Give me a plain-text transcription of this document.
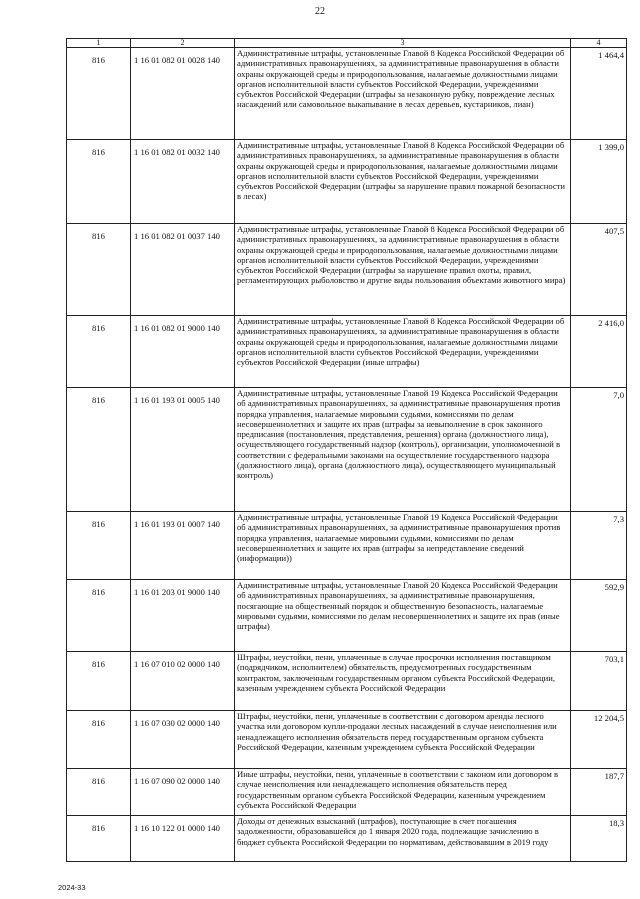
22
1	2	3	4
816	1 16 01 082 01 0028 140	Административные штрафы, установленные Главой 8 Кодекса Российской Федерации об административных правонарушениях, за административные правонарушения в области охраны окружающей среды и природопользования, налагаемые должностными лицами органов исполнительной власти субъектов Российской Федерации, учреждениями субъектов Российской Федерации (штрафы за незаконную рубку, повреждение лесных насаждений или самовольное выкапывание в лесах деревьев, кустарников, лиан)	1 464,4
816	1 16 01 082 01 0032 140	Административные штрафы, установленные Главой 8 Кодекса Российской Федерации об административных правонарушениях, за административные правонарушения в области охраны окружающей среды и природопользования, налагаемые должностными лицами органов исполнительной власти субъектов Российской Федерации, учреждениями субъектов Российской Федерации (штрафы за нарушение правил пожарной безопасности в лесах)	1 399,0
816	1 16 01 082 01 0037 140	Административные штрафы, установленные Главой 8 Кодекса Российской Федерации об административных правонарушениях, за административные правонарушения в области охраны окружающей среды и природопользования, налагаемые должностными лицами органов исполнительной власти субъектов Российской Федерации, учреждениями субъектов Российской Федерации (штрафы за нарушение правил охоты, правил, регламентирующих рыболовство и другие виды пользования объектами животного мира)	407,5
816	1 16 01 082 01 9000 140	Административные штрафы, установленные Главой 8 Кодекса Российской Федерации об административных правонарушениях, за административные правонарушения в области охраны окружающей среды и природопользования, налагаемые должностными лицами органов исполнительной власти субъектов Российской Федерации, учреждениями субъектов Российской Федерации (иные штрафы)	2 416,0
816	1 16 01 193 01 0005 140	Административные штрафы, установленные Главой 19 Кодекса Российской Федерации об административных правонарушениях, за административные правонарушения против порядка управления, налагаемые мировыми судьями, комиссиями по делам несовершеннолетних и защите их прав (штрафы за невыполнение в срок законного предписания (постановления, представления, решения) органа (должностного лица), осуществляющего государственный надзор (контроль), организации, уполномоченной в соответствии с федеральными законами на осуществление государственного надзора (должностного лица), органа (должностного лица), осуществляющего муниципальный контроль)	7,0
816	1 16 01 193 01 0007 140	Административные штрафы, установленные Главой 19 Кодекса Российской Федерации об административных правонарушениях, за административные правонарушения против порядка управления, налагаемые мировыми судьями, комиссиями по делам несовершеннолетних и защите их прав (штрафы за непредставление сведений (информации))	7,3
816	1 16 01 203 01 9000 140	Административные штрафы, установленные Главой 20 Кодекса Российской Федерации об административных правонарушениях, за административные правонарушения, посягающие на общественный порядок и общественную безопасность, налагаемые мировыми судьями, комиссиями по делам несовершеннолетних и защите их прав (иные штрафы)	592,9
816	1 16 07 010 02 0000 140	Штрафы, неустойки, пени, уплаченные в случае просрочки исполнения поставщиком (подрядчиком, исполнителем) обязательств, предусмотренных государственным контрактом, заключенным государственным органом субъекта Российской Федерации, казенным учреждением субъекта Российской Федерации	703,1
816	1 16 07 030 02 0000 140	Штрафы, неустойки, пени, уплаченные в соответствии с договором аренды лесного участка или договором купли-продажи лесных насаждений в случае неисполнения или ненадлежащего исполнения обязательств перед государственным органом субъекта Российской Федерации, казенным учреждением субъекта Российской Федерации	12 204,5
816	1 16 07 090 02 0000 140	Иные штрафы, неустойки, пени, уплаченные в соответствии с законом или договором в случае неисполнения или ненадлежащего исполнения обязательств перед государственным органом субъекта Российской Федерации, казенным учреждением субъекта Российской Федерации	187,7
816	1 16 10 122 01 0000 140	Доходы от денежных взысканий (штрафов), поступающие в счет погашения задолженности, образовавшейся до 1 января 2020 года, подлежащие зачислению в бюджет субъекта Российской Федерации по нормативам, действовавшим в 2019 году	18,3
2024-33
